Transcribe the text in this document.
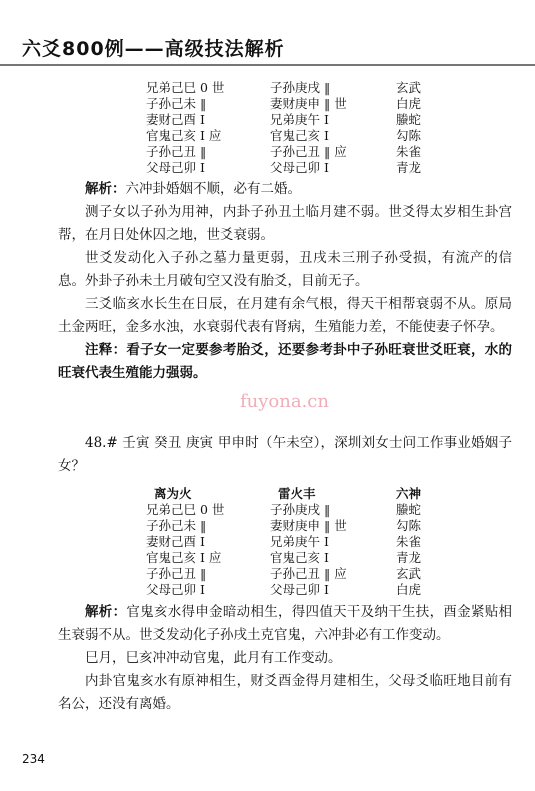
六爻800例——高级技法解析
兄弟己巳 0 世	子孙庚戌 ‖	玄武
子孙己未 ‖	妻财庚申 ‖ 世	白虎
妻财己酉 Ⅰ	兄弟庚午 Ⅰ	螣蛇
官鬼己亥 Ⅰ 应	官鬼己亥 Ⅰ	勾陈
子孙己丑 ‖	子孙己丑 ‖ 应	朱雀
父母己卯 Ⅰ	父母己卯 Ⅰ	青龙

解析：六冲卦婚姻不顺，必有二婚。

测子女以子孙为用神，内卦子孙丑土临月建不弱。世爻得太岁相生卦宫帮，在月日处休囚之地，世爻衰弱。

世爻发动化入子孙之墓力量更弱，丑戌未三刑子孙受损，有流产的信息。外卦子孙未土月破旬空又没有胎爻，目前无子。

三爻临亥水长生在日辰，在月建有余气根，得天干相帮衰弱不从。原局土金两旺，金多水浊，水衰弱代表有肾病，生殖能力差，不能使妻子怀孕。

注释：看子女一定要参考胎爻，还要参考卦中子孙旺衰世爻旺衰，水的旺衰代表生殖能力强弱。

fuyona.cn

48.# 壬寅 癸丑 庚寅 甲申时（午未空），深圳刘女士问工作事业婚姻子女？

离为火	雷火丰	六神
兄弟己巳 0 世	子孙庚戌 ‖	螣蛇
子孙己未 ‖	妻财庚申 ‖ 世	勾陈
妻财己酉 Ⅰ	兄弟庚午 Ⅰ	朱雀
官鬼己亥 Ⅰ 应	官鬼己亥 Ⅰ	青龙
子孙己丑 ‖	子孙己丑 ‖ 应	玄武
父母己卯 Ⅰ	父母己卯 Ⅰ	白虎

解析：官鬼亥水得申金暗动相生，得四值天干及纳干生扶，酉金紧贴相生衰弱不从。世爻发动化子孙戌土克官鬼，六冲卦必有工作变动。

巳月，巳亥冲冲动官鬼，此月有工作变动。

内卦官鬼亥水有原神相生，财爻酉金得月建相生，父母爻临旺地目前有名公，还没有离婚。

234
